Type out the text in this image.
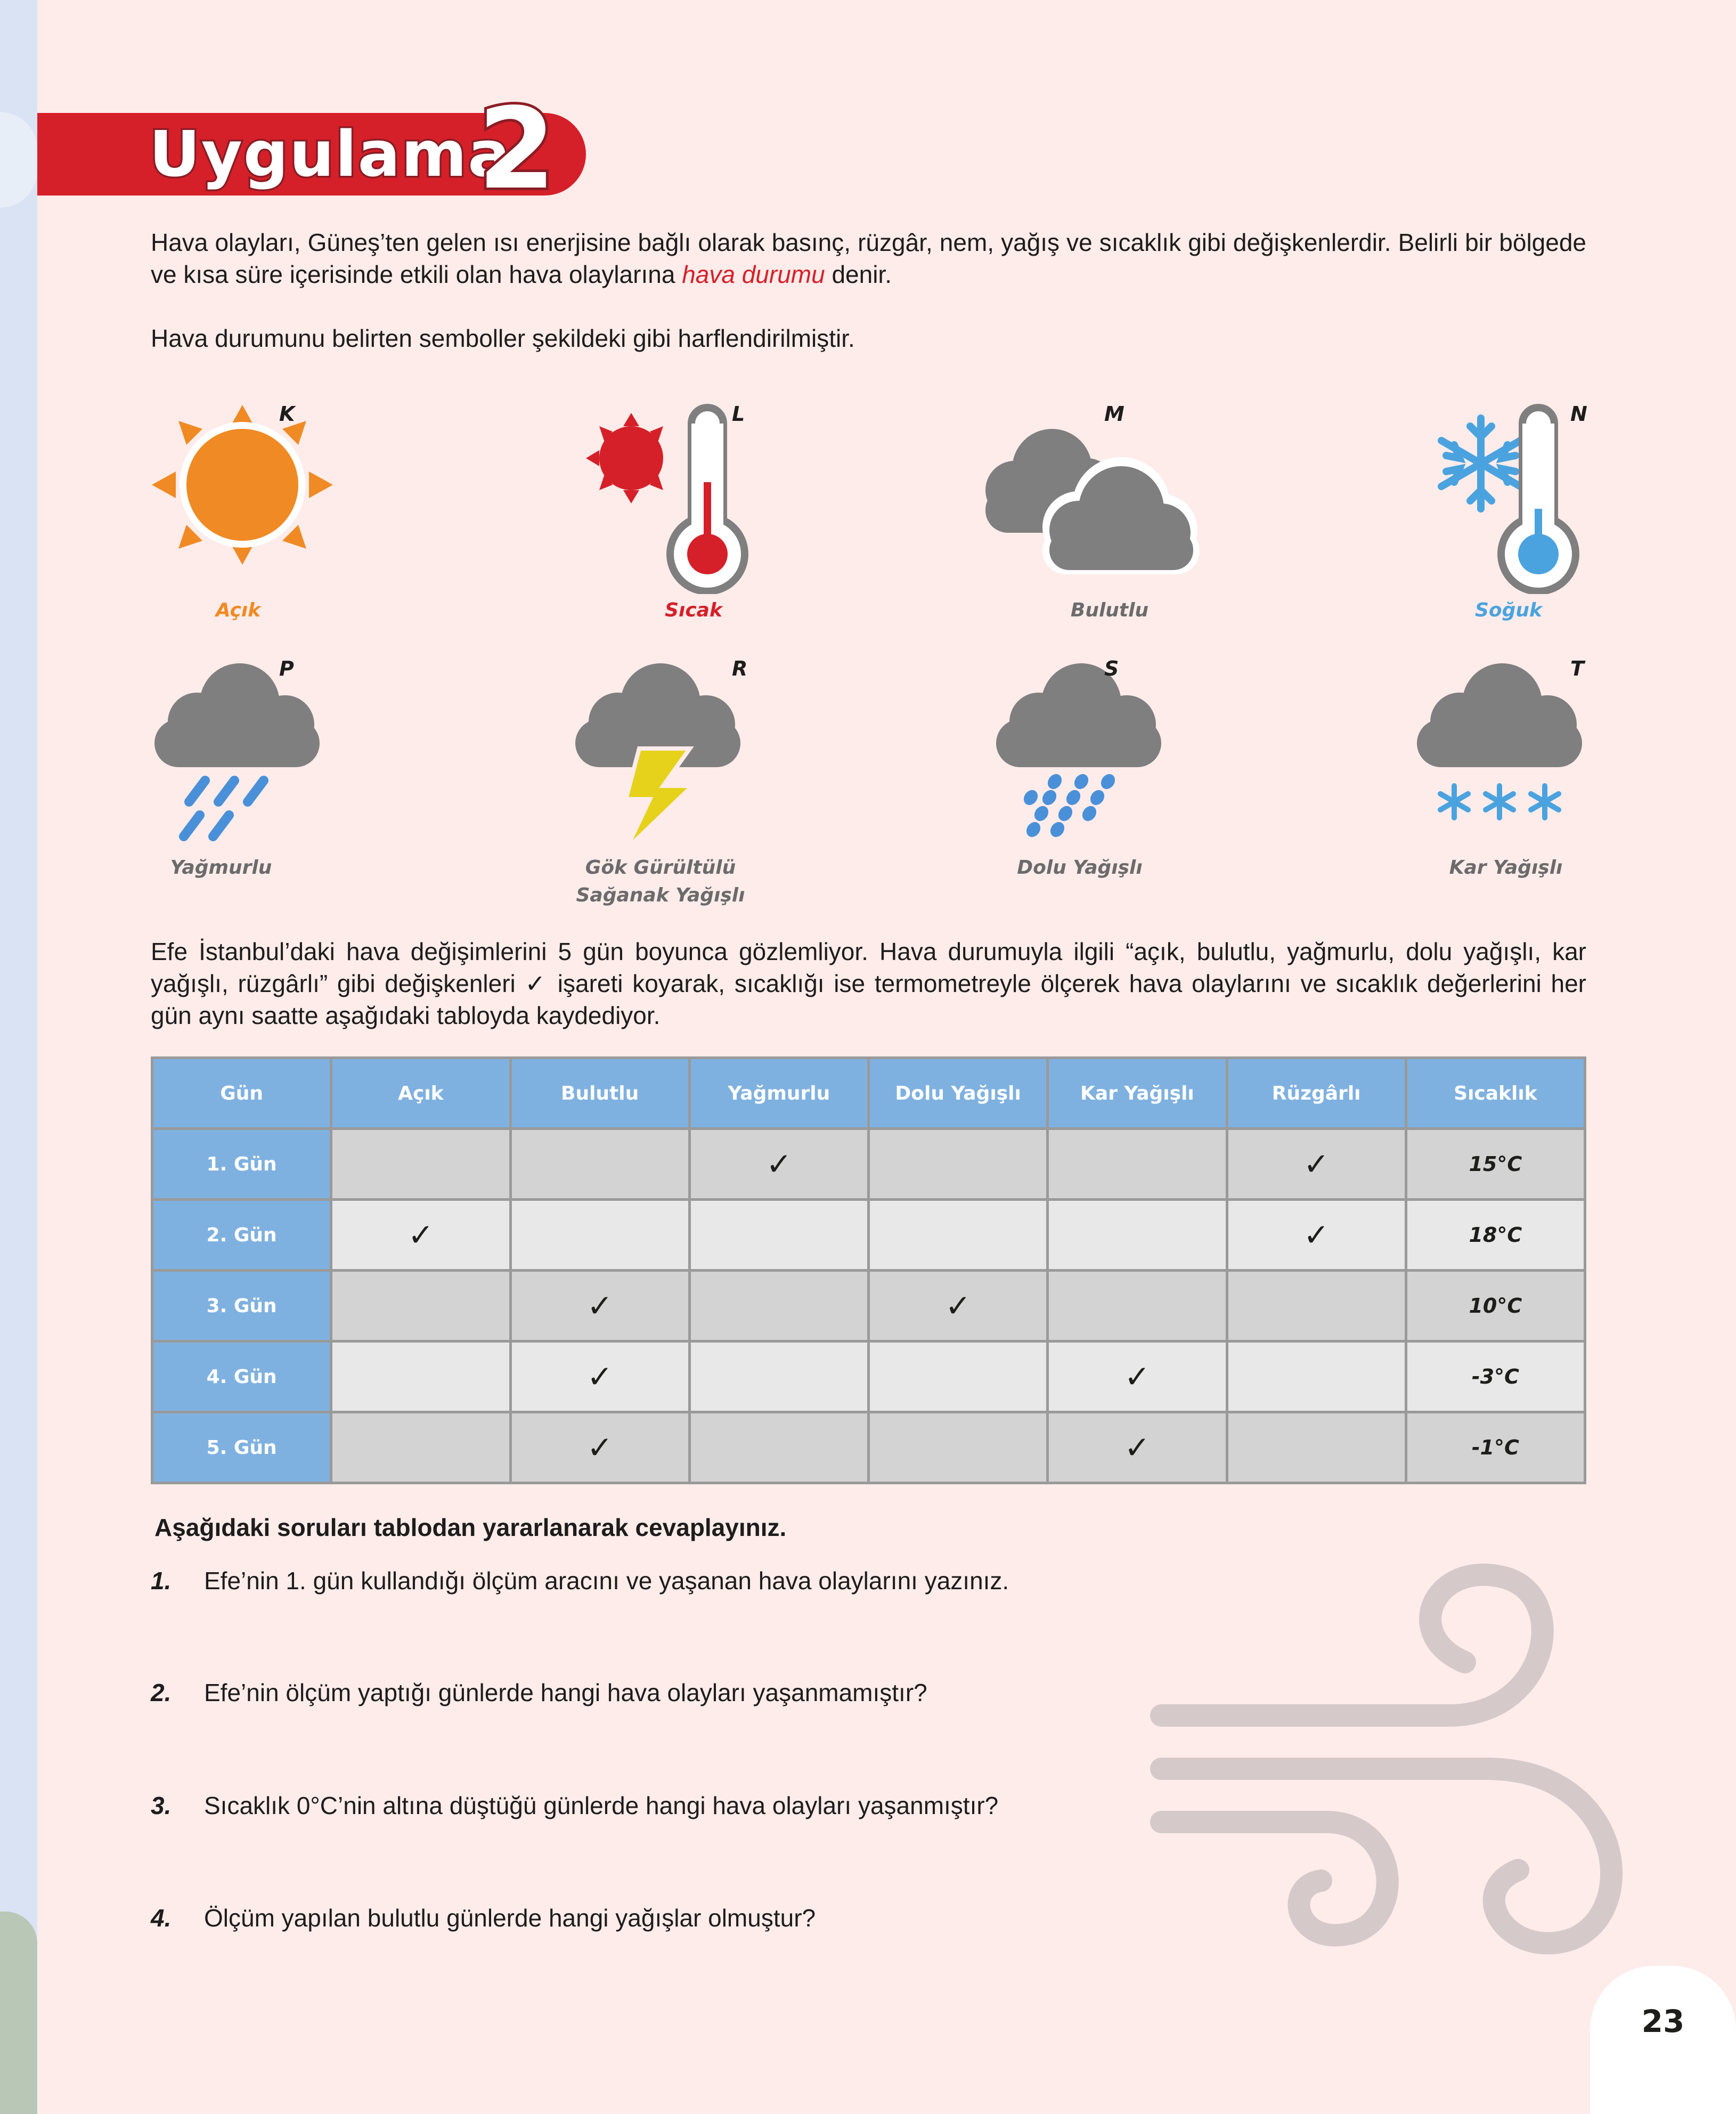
Uygulama
2

Hava olayları, Güneş’ten gelen ısı enerjisine bağlı olarak basınç, rüzgâr, nem, yağış ve sıcaklık gibi değişkenlerdir. Belirli bir bölgede ve kısa süre içerisinde etkili olan hava olaylarına hava durumu denir.

Hava durumunu belirten semboller şekildeki gibi harflendirilmiştir.

K
Açık
L
Sıcak
M
Bulutlu
N
Soğuk
P
Yağmurlu
R
Gök Gürültülü
Sağanak Yağışlı
S
Dolu Yağışlı
T
Kar Yağışlı

Efe İstanbul’daki hava değişimlerini 5 gün boyunca gözlemliyor. Hava durumuyla ilgili “açık, bulutlu, yağmurlu, dolu yağışlı, kar yağışlı, rüzgârlı” gibi değişkenleri ✓ işareti koyarak, sıcaklığı ise termometreyle ölçerek hava olaylarını ve sıcaklık değerlerini her gün aynı saatte aşağıdaki tabloyda kaydediyor.

Gün	Açık	Bulutlu	Yağmurlu	Dolu Yağışlı	Kar Yağışlı	Rüzgârlı	Sıcaklık
1. Gün			✓			✓	15°C
2. Gün	✓					✓	18°C
3. Gün		✓		✓			10°C
4. Gün		✓			✓		-3°C
5. Gün		✓			✓		-1°C
Aşağıdaki soruları tablodan yararlanarak cevaplayınız.
1. Efe’nin 1. gün kullandığı ölçüm aracını ve yaşanan hava olaylarını yazınız.
2. Efe’nin ölçüm yaptığı günlerde hangi hava olayları yaşanmamıştır?
3. Sıcaklık 0°C’nin altına düştüğü günlerde hangi hava olayları yaşanmıştır?
4. Ölçüm yapılan bulutlu günlerde hangi yağışlar olmuştur?
23
